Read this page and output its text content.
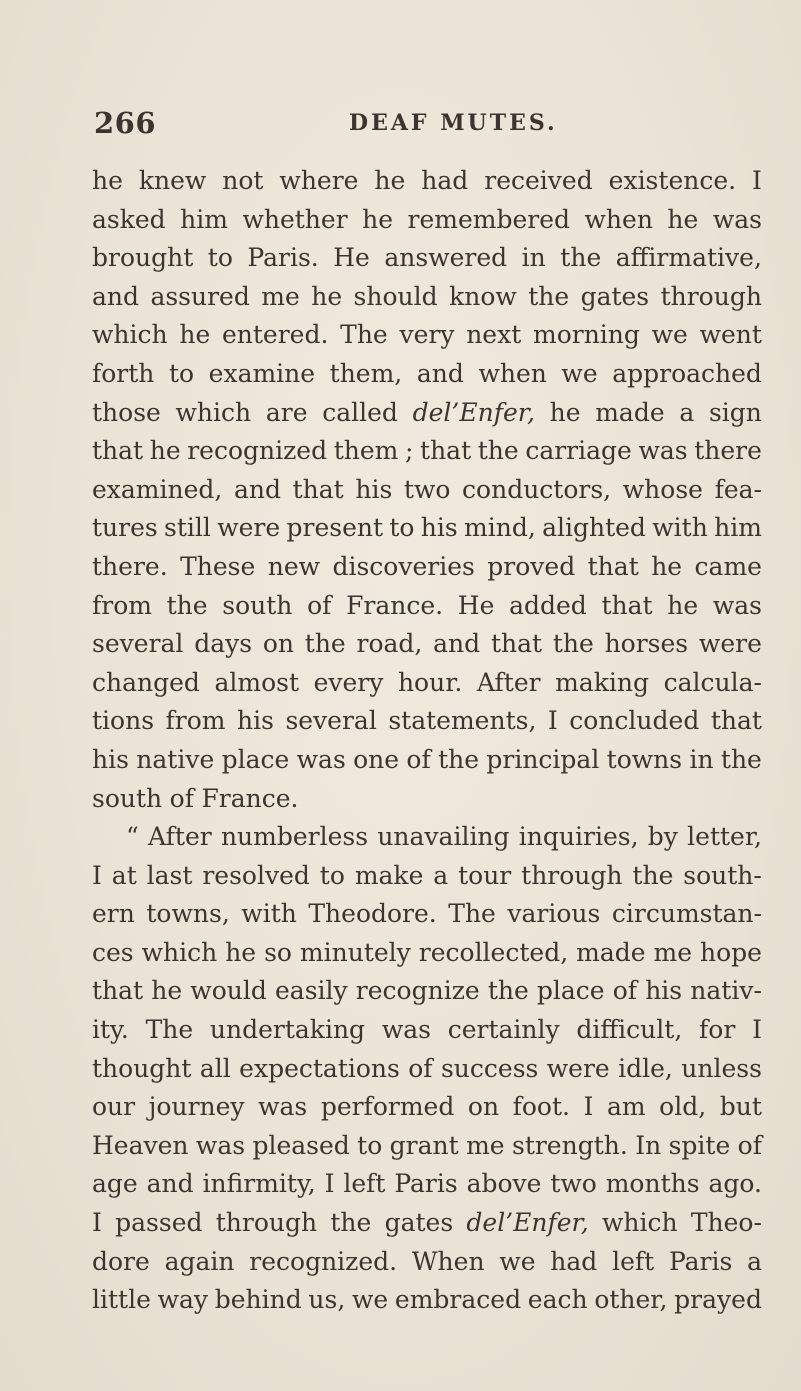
266	DEAF MUTES.
he knew not where he had received existence. I
asked him whether he remembered when he was
brought to Paris. He answered in the affirmative,
and assured me he should know the gates through
which he entered. The very next morning we went
forth to examine them, and when we approached
those which are called del’Enfer, he made a sign
that he recognized them ; that the carriage was there
examined, and that his two conductors, whose fea-
tures still were present to his mind, alighted with him
there. These new discoveries proved that he came
from the south of France. He added that he was
several days on the road, and that the horses were
changed almost every hour. After making calcula-
tions from his several statements, I concluded that
his native place was one of the principal towns in the
south of France.
“ After numberless unavailing inquiries, by letter,
I at last resolved to make a tour through the south-
ern towns, with Theodore. The various circumstan-
ces which he so minutely recollected, made me hope
that he would easily recognize the place of his nativ-
ity. The undertaking was certainly difficult, for I
thought all expectations of success were idle, unless
our journey was performed on foot. I am old, but
Heaven was pleased to grant me strength. In spite of
age and infirmity, I left Paris above two months ago.
I passed through the gates del’Enfer, which Theo-
dore again recognized. When we had left Paris a
little way behind us, we embraced each other, prayed
